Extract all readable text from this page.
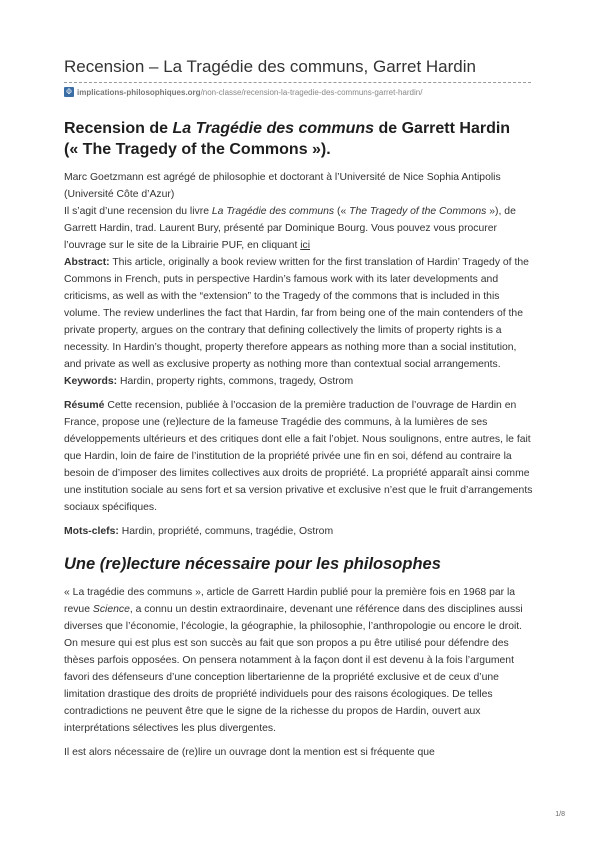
Recension – La Tragédie des communs, Garret Hardin
Φ implications-philosophiques.org /non-classe/recension-la-tragedie-des-communs-garret-hardin/
Recension de La Tragédie des communs de Garrett Hardin
(« The Tragedy of the Commons »).

Marc Goetzmann est agrégé de philosophie et doctorant à l’Université de Nice Sophia Antipolis (Université Côte d’Azur)

Il s’agit d’une recension du livre La Tragédie des communs (« The Tragedy of the Commons »), de Garrett Hardin, trad. Laurent Bury, présenté par Dominique Bourg. Vous pouvez vous procurer l’ouvrage sur le site de la Librairie PUF, en cliquant ici

Abstract: This article, originally a book review written for the first translation of Hardin’ Tragedy of the Commons in French, puts in perspective Hardin’s famous work with its later developments and criticisms, as well as with the “extension” to the Tragedy of the commons that is included in this volume. The review underlines the fact that Hardin, far from being one of the main contenders of the private property, argues on the contrary that defining collectively the limits of property rights is a necessity. In Hardin’s thought, property therefore appears as nothing more than a social institution, and private as well as exclusive property as nothing more than contextual social arrangements.

Keywords: Hardin, property rights, commons, tragedy, Ostrom

Résumé Cette recension, publiée à l’occasion de la première traduction de l’ouvrage de Hardin en France, propose une (re)lecture de la fameuse Tragédie des communs, à la lumières de ses développements ultérieurs et des critiques dont elle a fait l’objet. Nous soulignons, entre autres, le fait que Hardin, loin de faire de l’institution de la propriété privée une fin en soi, défend au contraire la besoin de d’imposer des limites collectives aux droits de propriété. La propriété apparaît ainsi comme une institution sociale au sens fort et sa version privative et exclusive n’est que le fruit d’arrangements sociaux spécifiques.

Mots-clefs: Hardin, propriété, communs, tragédie, Ostrom

Une (re)lecture nécessaire pour les philosophes

« La tragédie des communs », article de Garrett Hardin publié pour la première fois en 1968 par la revue Science, a connu un destin extraordinaire, devenant une référence dans des disciplines aussi diverses que l’économie, l’écologie, la géographie, la philosophie, l’anthropologie ou encore le droit. On mesure qui est plus est son succès au fait que son propos a pu être utilisé pour défendre des thèses parfois opposées. On pensera notamment à la façon dont il est devenu à la fois l’argument favori des défenseurs d’une conception libertarienne de la propriété exclusive et de ceux d’une limitation drastique des droits de propriété individuels pour des raisons écologiques. De telles contradictions ne peuvent être que le signe de la richesse du propos de Hardin, ouvert aux interprétations sélectives les plus divergentes.

Il est alors nécessaire de (re)lire un ouvrage dont la mention est si fréquente que

1/8
